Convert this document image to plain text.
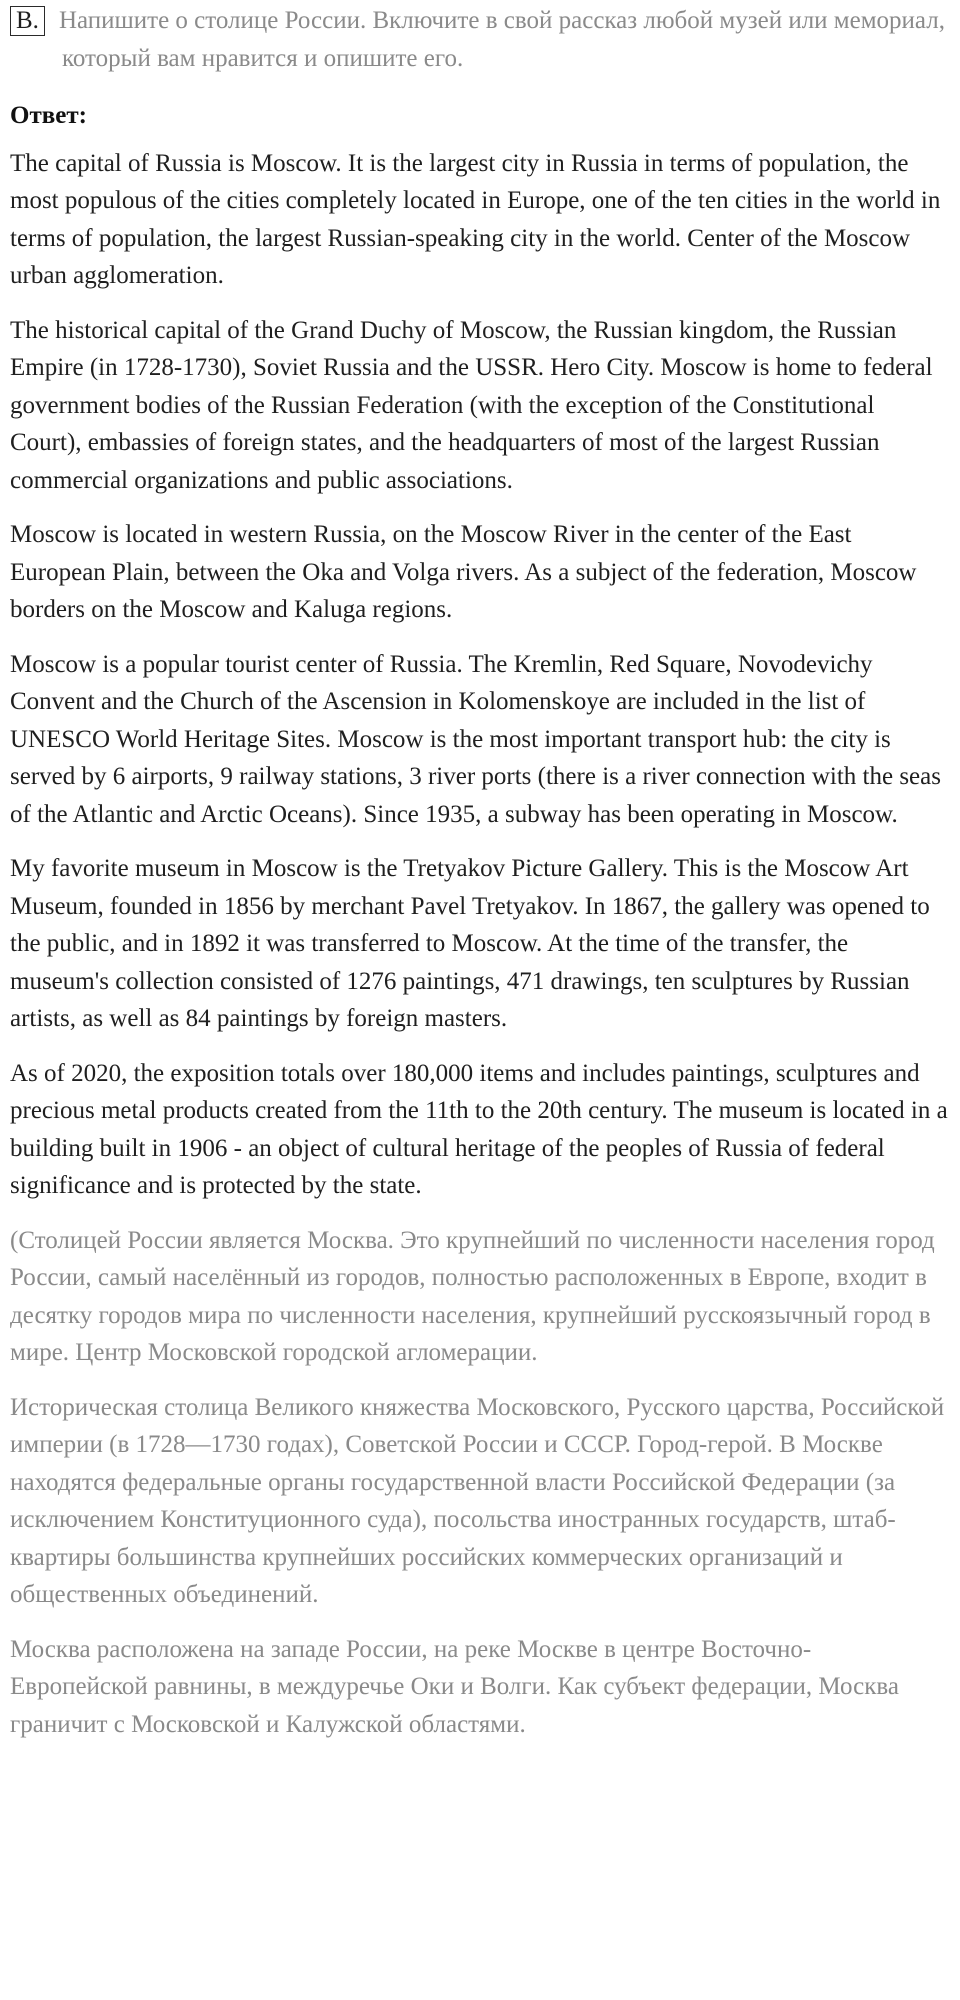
B. Напишите о столице России. Включите в свой рассказ любой музей или мемориал, который вам нравится и опишите его.
Ответ:

The capital of Russia is Moscow. It is the largest city in Russia in terms of population, the most populous of the cities completely located in Europe, one of the ten cities in the world in terms of population, the largest Russian-speaking city in the world. Center of the Moscow urban agglomeration.

The historical capital of the Grand Duchy of Moscow, the Russian kingdom, the Russian Empire (in 1728-1730), Soviet Russia and the USSR. Hero City. Moscow is home to federal government bodies of the Russian Federation (with the exception of the Constitutional Court), embassies of foreign states, and the headquarters of most of the largest Russian commercial organizations and public associations.

Moscow is located in western Russia, on the Moscow River in the center of the East European Plain, between the Oka and Volga rivers. As a subject of the federation, Moscow borders on the Moscow and Kaluga regions.

Moscow is a popular tourist center of Russia. The Kremlin, Red Square, Novodevichy Convent and the Church of the Ascension in Kolomenskoye are included in the list of UNESCO World Heritage Sites. Moscow is the most important transport hub: the city is served by 6 airports, 9 railway stations, 3 river ports (there is a river connection with the seas of the Atlantic and Arctic Oceans). Since 1935, a subway has been operating in Moscow.

My favorite museum in Moscow is the Tretyakov Picture Gallery. This is the Moscow Art Museum, founded in 1856 by merchant Pavel Tretyakov. In 1867, the gallery was opened to the public, and in 1892 it was transferred to Moscow. At the time of the transfer, the museum's collection consisted of 1276 paintings, 471 drawings, ten sculptures by Russian artists, as well as 84 paintings by foreign masters.

As of 2020, the exposition totals over 180,000 items and includes paintings, sculptures and precious metal products created from the 11th to the 20th century. The museum is located in a building built in 1906 - an object of cultural heritage of the peoples of Russia of federal significance and is protected by the state.

(Столицей России является Москва. Это крупнейший по численности населения город России, самый населённый из городов, полностью расположенных в Европе, входит в десятку городов мира по численности населения, крупнейший русскоязычный город в мире. Центр Московской городской агломерации.

Историческая столица Великого княжества Московского, Русского царства, Российской империи (в 1728—1730 годах), Советской России и СССР. Город-герой. В Москве находятся федеральные органы государственной власти Российской Федерации (за исключением Конституционного суда), посольства иностранных государств, штаб-квартиры большинства крупнейших российских коммерческих организаций и общественных объединений.

Москва расположена на западе России, на реке Москве в центре Восточно-Европейской равнины, в междуречье Оки и Волги. Как субъект федерации, Москва граничит с Московской и Калужской областями.
